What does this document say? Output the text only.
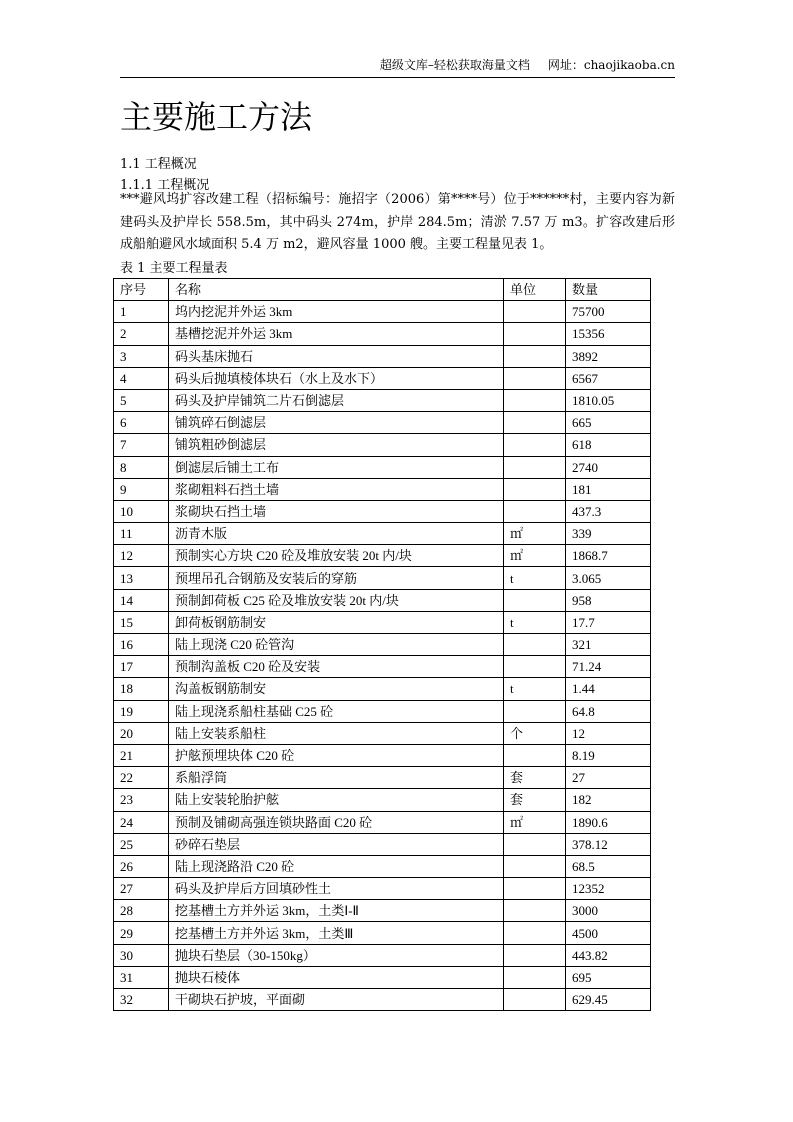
超级文库–轻松获取海量文档 网址：chaojikaoba.cn
主要施工方法
1.1 工程概况
1.1.1 工程概况
***避风坞扩容改建工程（招标编号：施招字（2006）第****号）位于******村，主要内容为新建码头及护岸长 558.5m，其中码头 274m，护岸 284.5m；清淤 7.57 万 m3。扩容改建后形成船舶避风水域面积 5.4 万 m2，避风容量 1000 艘。主要工程量见表 1。
表 1 主要工程量表
序号	名称	单位	数量
1	坞内挖泥并外运 3km		75700
2	基槽挖泥并外运 3km		15356
3	码头基床抛石		3892
4	码头后抛填棱体块石（水上及水下）		6567
5	码头及护岸铺筑二片石倒滤层		1810.05
6	铺筑碎石倒滤层		665
7	铺筑粗砂倒滤层		618
8	倒滤层后铺土工布		2740
9	浆砌粗料石挡土墙		181
10	浆砌块石挡土墙		437.3
11	沥青木版	㎡	339
12	预制实心方块 C20 砼及堆放安装 20t 内/块	㎡	1868.7
13	预埋吊孔合钢筋及安装后的穿筋	t	3.065
14	预制卸荷板 C25 砼及堆放安装 20t 内/块		958
15	卸荷板钢筋制安	t	17.7
16	陆上现浇 C20 砼管沟		321
17	预制沟盖板 C20 砼及安装		71.24
18	沟盖板钢筋制安	t	1.44
19	陆上现浇系船柱基础 C25 砼		64.8
20	陆上安装系船柱	个	12
21	护舷预埋块体 C20 砼		8.19
22	系船浮筒	套	27
23	陆上安装轮胎护舷	套	182
24	预制及铺砌高强连锁块路面 C20 砼	㎡	1890.6
25	砂碎石垫层		378.12
26	陆上现浇路沿 C20 砼		68.5
27	码头及护岸后方回填砂性土		12352
28	挖基槽土方并外运 3km，土类Ⅰ-Ⅱ		3000
29	挖基槽土方并外运 3km，土类Ⅲ		4500
30	抛块石垫层（30-150kg）		443.82
31	抛块石棱体		695
32	干砌块石护坡，平面砌		629.45
